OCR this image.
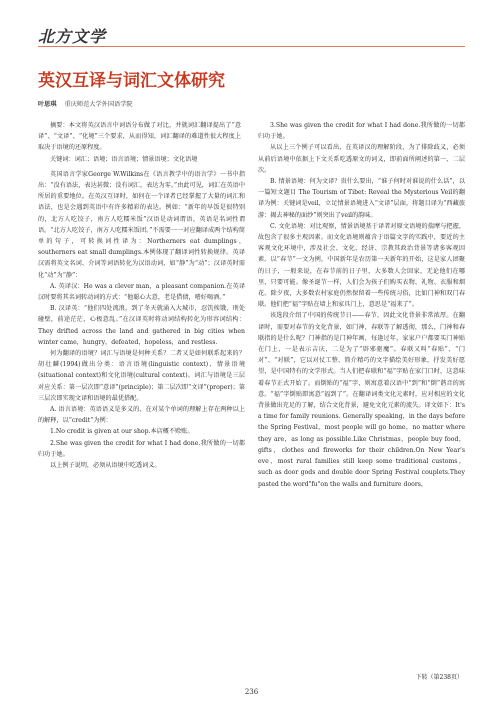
北方文学
英汉互译与词汇文体研究
叶思琪 重庆师范大学外国语学院

摘要：本文将英汉语言中词语分布做了对比，并就词汇翻译提出了“意译”、“文译”、“化境”三个要求，从而得知，词汇翻译的难道性很大程度上取决于语境的还原程度。

关键词：词汇；语境；语言语境；情景语境；文化语境

英国语言学家George W.Wilkins在《语言教学中的语言学》一书中指出：“没有语法，表达甚微；没有词汇，表达为零。”由此可见，词汇在英语中所居的重要地位。在英汉互译时，如何在一个译者已经掌握了大量的词汇和语法，也是会遇到英语中有许多精彩的表达。例如：“新年的早饭是很特别的，北方人吃饺子，南方人吃糯米饭”汉语是动词谓语，英语是名词性谓语。“北方人吃饺子，南方人吃糯米饭团。”不需要一一对应翻译成两个结构简单的句子，可转换词性译为：Northerners eat dumplings，southerners eat small dumplings.本例体现了翻译词性转换规律。英译汉需将英文名词、介词等词语转化为汉语动词，如“静”为“动”；汉译英时需化“动”为“静”：

A. 英译汉：He was a clever man，a pleasant companion.在英译汉时要将其名词转动词的方式：“他聪心大意，老是借债，嗜好喝酒。”

B. 汉译英：“他们四处流浪，到了冬天就涌入大城市，忍饥挨饿，刑处碰壁，前途茫茫，心极意乱。”在汉译英时将动词结构转化为形容词结构：They drifted across the land and gathered in big cities when winter came，hungry，defeated，hopeless，and restless.

何为翻译的语境？词汇与语境是何种关系？二者又是如何联系起来的？胡壮麟(1994)做出分类：语言语境(linguistic context)、情景语境(situational context)和文化语境(cultural context)。词汇与语境是三层对应关系：第一层次即“意译”(principle)；第二层次即“文译”(proper)；第三层次即实现文译和语境的最优搭配。

A. 语言语境：英语语义是多义的，在对某个单词的理解上存在两种以上的解释，以“credit”为例：

1.No credit is given at our shop.本店概不赊账。

2.She was given the credit for what I had done.我所做的一切都归功于她。

以上例子说明，必须从语境中吃透词义。

3.She was given the credit for what I had done.我所做的一切都归功于她。

从以上三个例子可以看出，在英译汉的理解阶段，为了排除歧义，必须从前后语境中依据上下文关系吃透原文的词义，即前面所阐述的第一、二层次。

B. 情景语境：何为文译？贵什么要出，“谁子何时对谁说的什么话”，以一篇短文题目 The Tourism of Tibet: Reveal the Mysterious Veil的翻译为例：关键词是veil，立足情景语境进入“文译”层面，将题目译为“西藏旅游：揭去神秘的面纱”则突出了veil的韵味。

C. 文化语境：对比观察，情景语境基于译者对原文语境的揣摩与把握，故包含了很多主观因素。而文化语境则蕴含于语篇文字的实践中，要近的主客观文化环境中，涉及社会、文化、经济、宗教其政治背景等诸多客观因素。以“春节”一文为例，中国新年是农历第一天新年的开始，这是家人团聚的日子，一般来说，在春节前的日子里，大多数人会回家，无论他们在哪里，只要可能。像圣诞节一样，人们会为孩子们购买衣物、礼物、衣服和烟花。除夕夜，大多数农村家庭仍然保留着一些传统习俗，比如门神和双门春联。他们把“福”字贴在墙上和家具门上，意思是“福来了”。

该选段介绍了中国的传统节日——春节，因此文化背景非常浓厚。在翻译时，需要对春节的文化背景，如门神，春联等了解透彻，那么，门神和春联指的是什么呢？门神指的是门神年画，每逢过年，家家户户都要买门神贴在门上，一是表示吉庆，二是为了“辟邪驱魔”。春联又叫“春贴”、“门对”、“对联”，它以对仗工整、简介精巧的文字描绘美好形象，抒发美好愿望，是中国特有的文学形式。当人们把春联和“福”字贴在家门口时，这意味着春节正式开始了。而倒贴的“福”字，则寓意着汉语中“到”和“倒”谐音的寓意。“福”字倒贴即寓意“福到了”。在翻译词类文化元素时，应对相应的文化背景做出充足的了解，结合文化背景，避免文化元素的流失。译文如下：It's a time for family reunions. Generally speaking，in the days before the Spring Festival，most people will go home，no matter where they are，as long as possible.Like Christmas，people buy food，gifts，clothes and fireworks for their children.On New Year's eve，most rural families still keep some traditional customs，such as door gods and double door Spring Festival couplets.They pasted the word"fu"on the walls and furniture doors，

下转（第238页）
236
